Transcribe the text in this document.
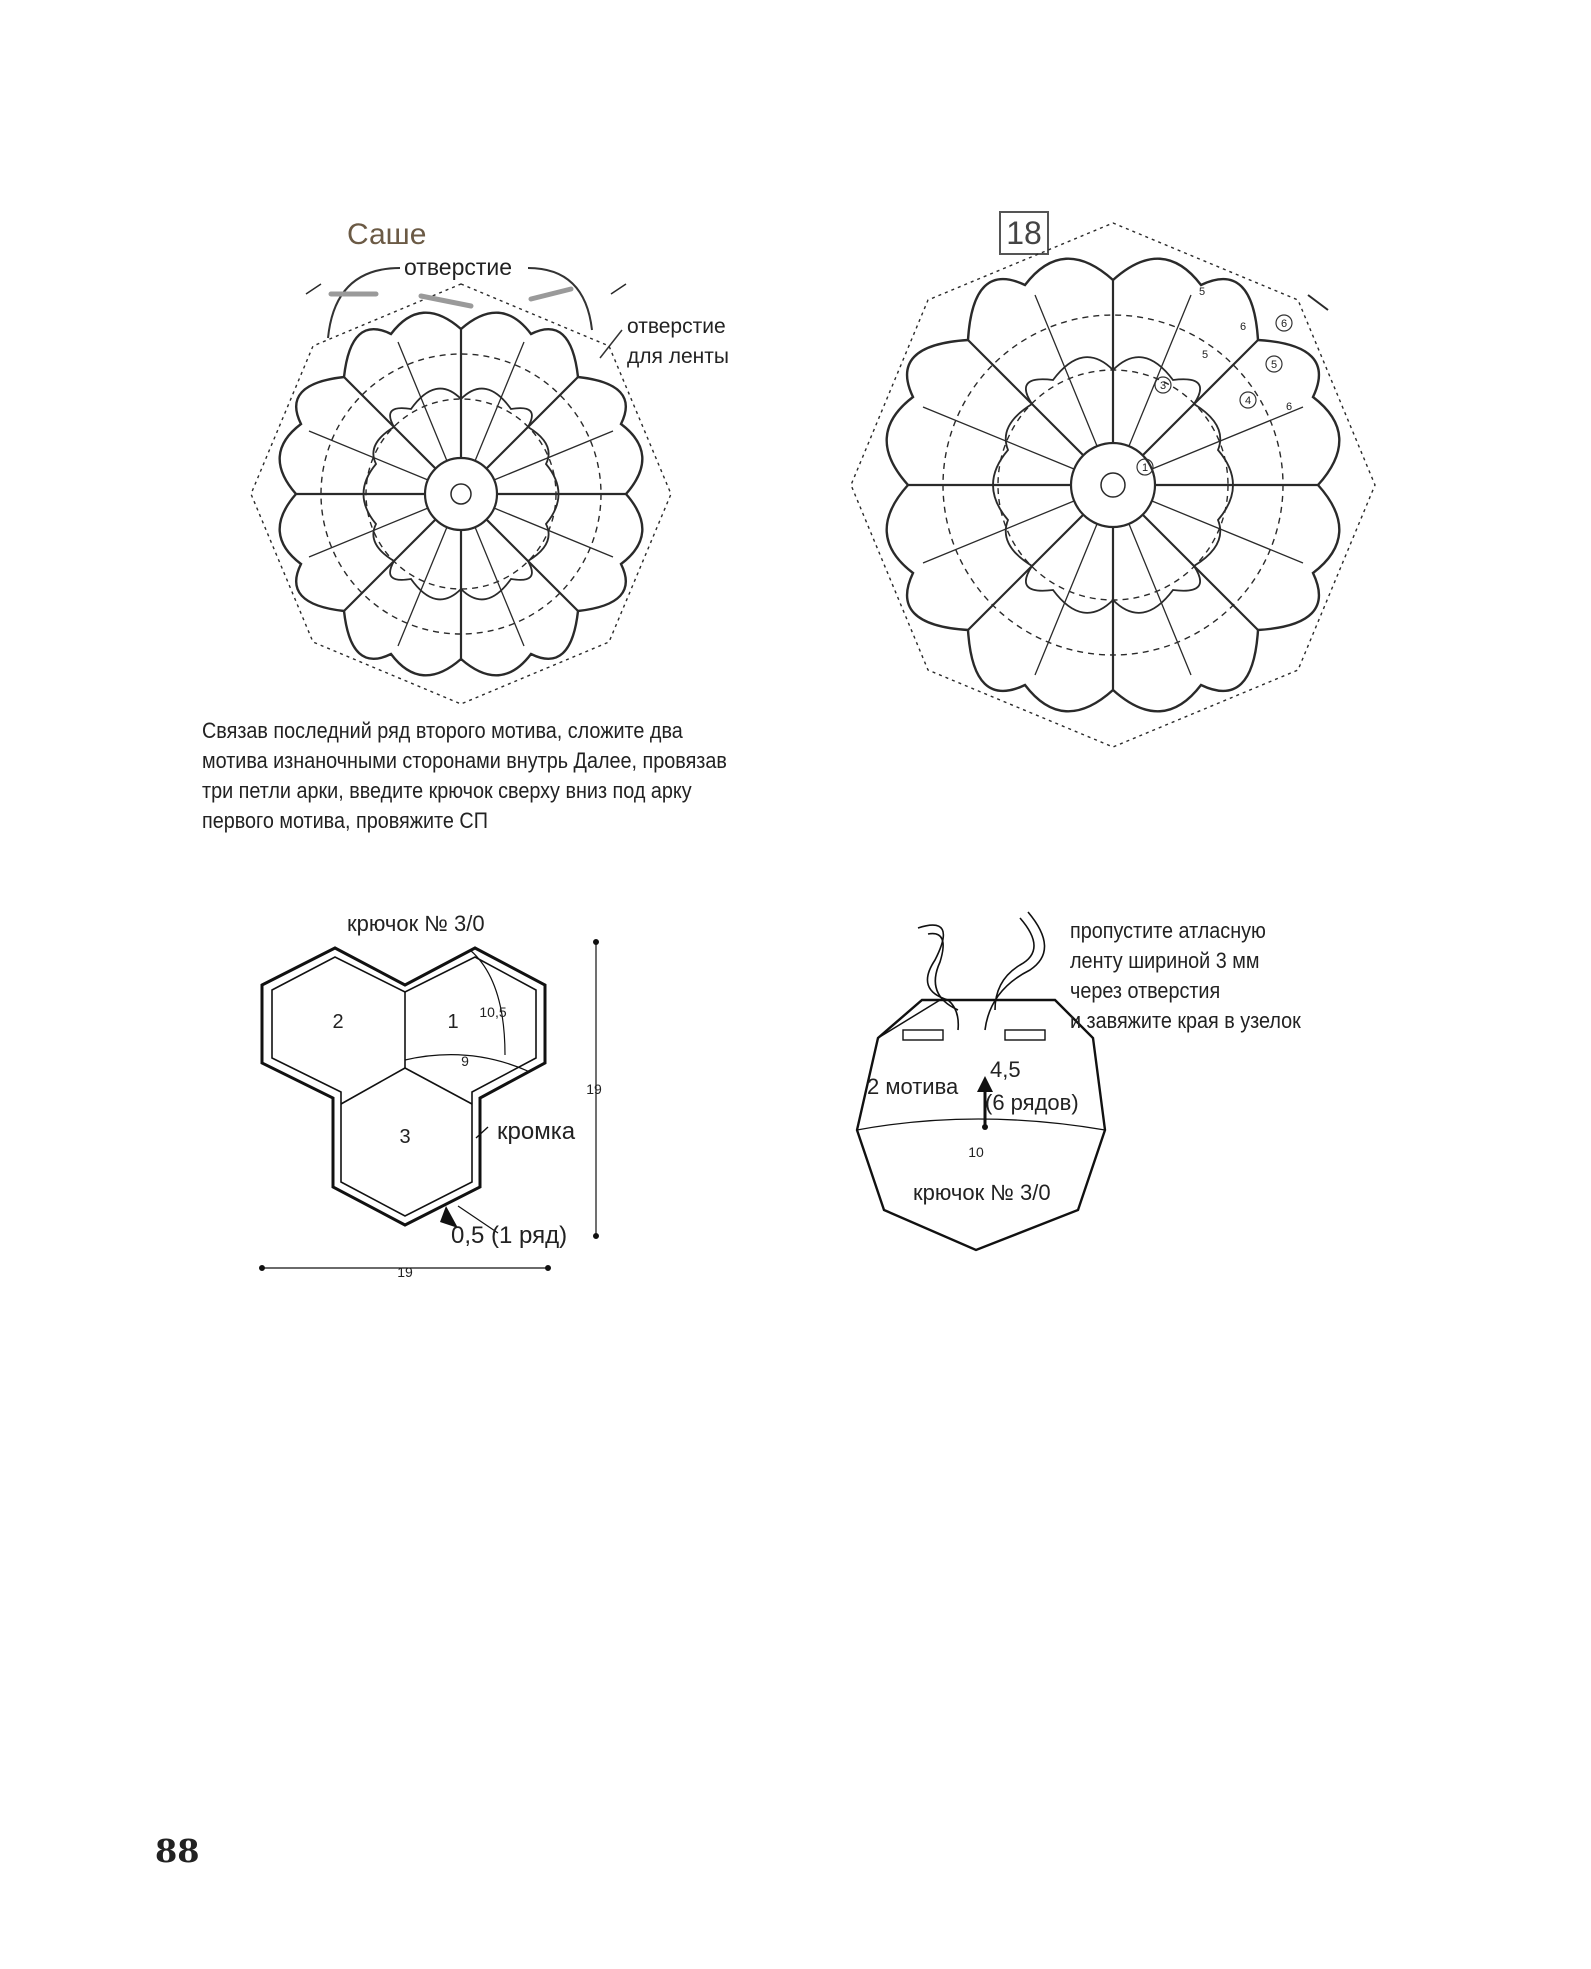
Саше
отверстие
отверстие
для ленты
18
1
3
4
5
6
5
6
5
6
Связав последний ряд второго мотива, сложите два
мотива изнаночными сторонами внутрь Далее, провязав
три петли арки, введите крючок сверху вниз под арку
первого мотива, провяжите СП
крючок № 3/0
2	1
3
10,5
9
19
19
кромка
0,5 (1 ряд)
10
пропустите атласную
ленту шириной 3 мм
через отверстия
и завяжите края в узелок
2 мотива
4,5
(6 рядов)
крючок № 3/0
88
